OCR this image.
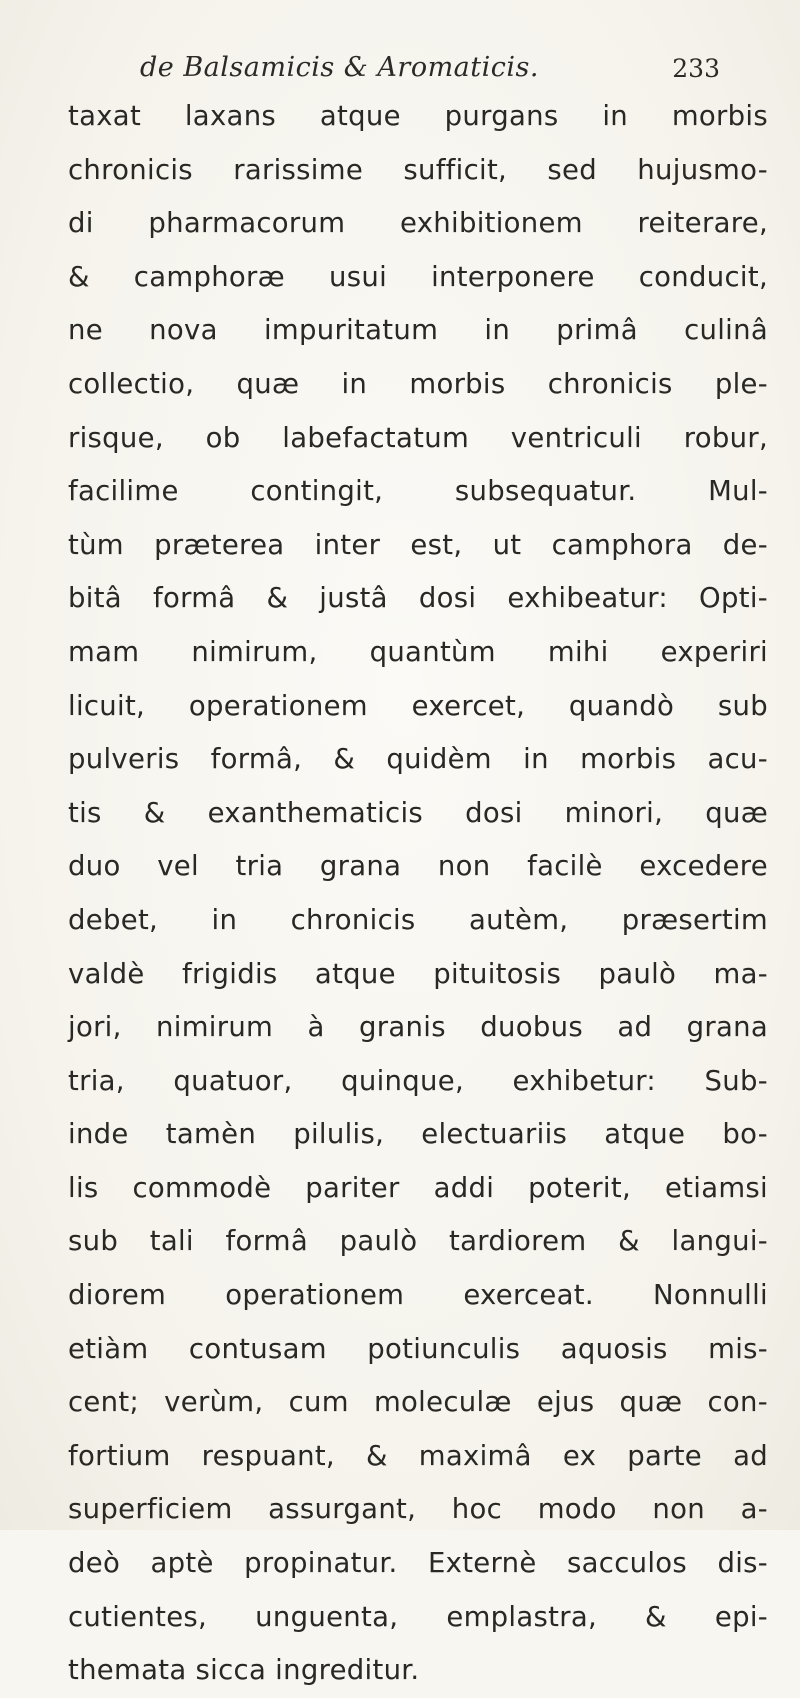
de Balsamicis & Aromaticis.	233
taxat laxans atque purgans in morbis
chronicis rarissime sufficit, sed hujusmo-
di pharmacorum exhibitionem reiterare,
& camphoræ usui interponere conducit,
ne nova impuritatum in primâ culinâ
collectio, quæ in morbis chronicis ple-
risque, ob labefactatum ventriculi robur,
facilime contingit, subsequatur. Mul-
tùm præterea inter est, ut camphora de-
bitâ formâ & justâ dosi exhibeatur: Opti-
mam nimirum, quantùm mihi experiri
licuit, operationem exercet, quandò sub
pulveris formâ, & quidèm in morbis acu-
tis & exanthematicis dosi minori, quæ
duo vel tria grana non facilè excedere
debet, in chronicis autèm, præsertim
valdè frigidis atque pituitosis paulò ma-
jori, nimirum à granis duobus ad grana
tria, quatuor, quinque, exhibetur: Sub-
inde tamèn pilulis, electuariis atque bo-
lis commodè pariter addi poterit, etiamsi
sub tali formâ paulò tardiorem & langui-
diorem operationem exerceat. Nonnulli
etiàm contusam potiunculis aquosis mis-
cent; verùm, cum moleculæ ejus quæ con-
fortium respuant, & maximâ ex parte ad
superficiem assurgant, hoc modo non a-
deò aptè propinatur. Externè sacculos dis-
cutientes, unguenta, emplastra, & epi-
themata sicca ingreditur.
